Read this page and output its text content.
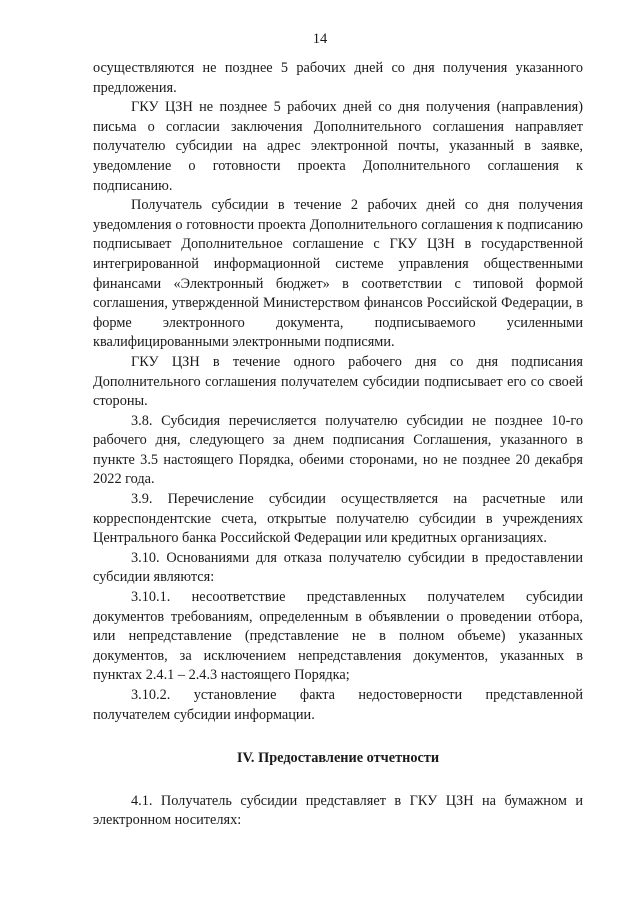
14

осуществляются не позднее 5 рабочих дней со дня получения указанного предложения.

ГКУ ЦЗН не позднее 5 рабочих дней со дня получения (направления) письма о согласии заключения Дополнительного соглашения направляет получателю субсидии на адрес электронной почты, указанный в заявке, уведомление о готовности проекта Дополнительного соглашения к подписанию.

Получатель субсидии в течение 2 рабочих дней со дня получения уведомления о готовности проекта Дополнительного соглашения к подписанию подписывает Дополнительное соглашение с ГКУ ЦЗН в государственной интегрированной информационной системе управления общественными финансами «Электронный бюджет» в соответствии с типовой формой соглашения, утвержденной Министерством финансов Российской Федерации, в форме электронного документа, подписываемого усиленными квалифицированными электронными подписями.

ГКУ ЦЗН в течение одного рабочего дня со дня подписания Дополнительного соглашения получателем субсидии подписывает его со своей стороны.

3.8. Субсидия перечисляется получателю субсидии не позднее 10-го рабочего дня, следующего за днем подписания Соглашения, указанного в пункте 3.5 настоящего Порядка, обеими сторонами, но не позднее 20 декабря 2022 года.

3.9. Перечисление субсидии осуществляется на расчетные или корреспондентские счета, открытые получателю субсидии в учреждениях Центрального банка Российской Федерации или кредитных организациях.

3.10. Основаниями для отказа получателю субсидии в предоставлении субсидии являются:

3.10.1. несоответствие представленных получателем субсидии документов требованиям, определенным в объявлении о проведении отбора, или непредставление (представление не в полном объеме) указанных документов, за исключением непредставления документов, указанных в пунктах 2.4.1 – 2.4.3 настоящего Порядка;

3.10.2. установление факта недостоверности представленной получателем субсидии информации.

IV. Предоставление отчетности

4.1. Получатель субсидии представляет в ГКУ ЦЗН на бумажном и электронном носителях:
